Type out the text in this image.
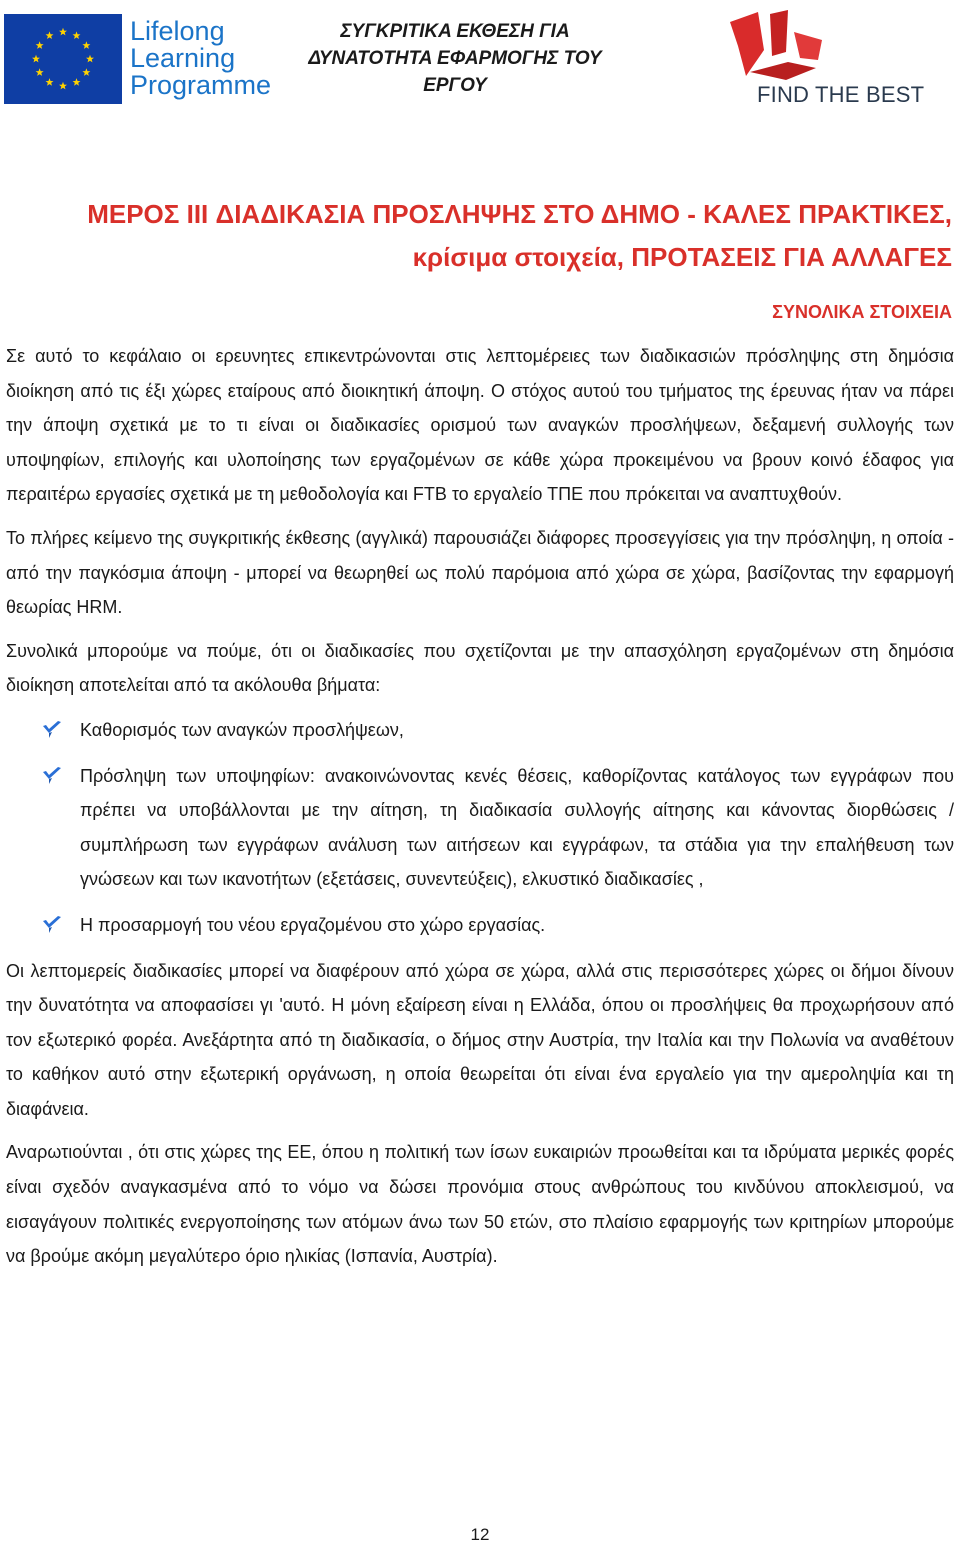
Lifelong
Learning
Programme
ΣΥΓΚΡΙΤΙΚΑ ΕΚΘΕΣΗ ΓΙΑ
ΔΥΝΑΤΟΤΗΤΑ ΕΦΑΡΜΟΓΗΣ ΤΟΥ
ΕΡΓΟΥ	FIND THE BEST
ΜΕΡΟΣ III ΔΙΑΔΙΚΑΣΙΑ ΠΡΟΣΛΗΨΗΣ ΣΤΟ ΔΗΜΟ - ΚΑΛΕΣ ΠΡΑΚΤΙΚΕΣ,
κρίσιμα στοιχεία, ΠΡΟΤΑΣΕΙΣ ΓΙΑ ΑΛΛΑΓΕΣ
ΣΥΝΟΛΙΚΑ ΣΤΟΙΧΕΙΑ

Σε αυτό το κεφάλαιο οι ερευνητες επικεντρώνονται στις λεπτομέρειες των διαδικασιών πρόσληψης στη δημόσια διοίκηση από τις έξι χώρες εταίρους από διοικητική άποψη. Ο στόχος αυτού του τμήματος της έρευνας ήταν να πάρει την άποψη σχετικά με το τι είναι οι διαδικασίες ορισμού των αναγκών προσλήψεων, δεξαμενή συλλογής των υποψηφίων, επιλογής και υλοποίησης των εργαζομένων σε κάθε χώρα προκειμένου να βρουν κοινό έδαφος για περαιτέρω εργασίες σχετικά με τη μεθοδολογία και FTB το εργαλείο ΤΠΕ που πρόκειται να αναπτυχθούν.

Το πλήρες κείμενο της συγκριτικής έκθεσης (αγγλικά) παρουσιάζει διάφορες προσεγγίσεις για την πρόσληψη, η οποία - από την παγκόσμια άποψη - μπορεί να θεωρηθεί ως πολύ παρόμοια από χώρα σε χώρα, βασίζοντας την εφαρμογή θεωρίας HRM.

Συνολικά μπορούμε να πούμε, ότι οι διαδικασίες που σχετίζονται με την απασχόληση εργαζομένων στη δημόσια διοίκηση αποτελείται από τα ακόλουθα βήματα:

Καθορισμός των αναγκών προσλήψεων,
Πρόσληψη των υποψηφίων: ανακοινώνοντας κενές θέσεις, καθορίζοντας κατάλογος των εγγράφων που πρέπει να υποβάλλονται με την αίτηση, τη διαδικασία συλλογής αίτησης και κάνοντας διορθώσεις / συμπλήρωση των εγγράφων ανάλυση των αιτήσεων και εγγράφων, τα στάδια για την επαλήθευση των γνώσεων και των ικανοτήτων (εξετάσεις, συνεντεύξεις), ελκυστικό διαδικασίες ,
Η προσαρμογή του νέου εργαζομένου στο χώρο εργασίας.

Οι λεπτομερείς διαδικασίες μπορεί να διαφέρουν από χώρα σε χώρα, αλλά στις περισσότερες χώρες οι δήμοι δίνουν την δυνατότητα να αποφασίσει γι 'αυτό. Η μόνη εξαίρεση είναι η Ελλάδα, όπου οι προσλήψεις θα προχωρήσουν από τον εξωτερικό φορέα. Ανεξάρτητα από τη διαδικασία, ο δήμος στην Αυστρία, την Ιταλία και την Πολωνία να αναθέτουν το καθήκον αυτό στην εξωτερική οργάνωση, η οποία θεωρείται ότι είναι ένα εργαλείο για την αμεροληψία και τη διαφάνεια.

Αναρωτιούνται , ότι στις χώρες της ΕΕ, όπου η πολιτική των ίσων ευκαιριών προωθείται και τα ιδρύματα μερικές φορές είναι σχεδόν αναγκασμένα από το νόμο να δώσει προνόμια στους ανθρώπους του κινδύνου αποκλεισμού, να εισαγάγουν πολιτικές ενεργοποίησης των ατόμων άνω των 50 ετών, στο πλαίσιο εφαρμογής των κριτηρίων μπορούμε να βρούμε ακόμη μεγαλύτερο όριο ηλικίας (Ισπανία, Αυστρία).

12
